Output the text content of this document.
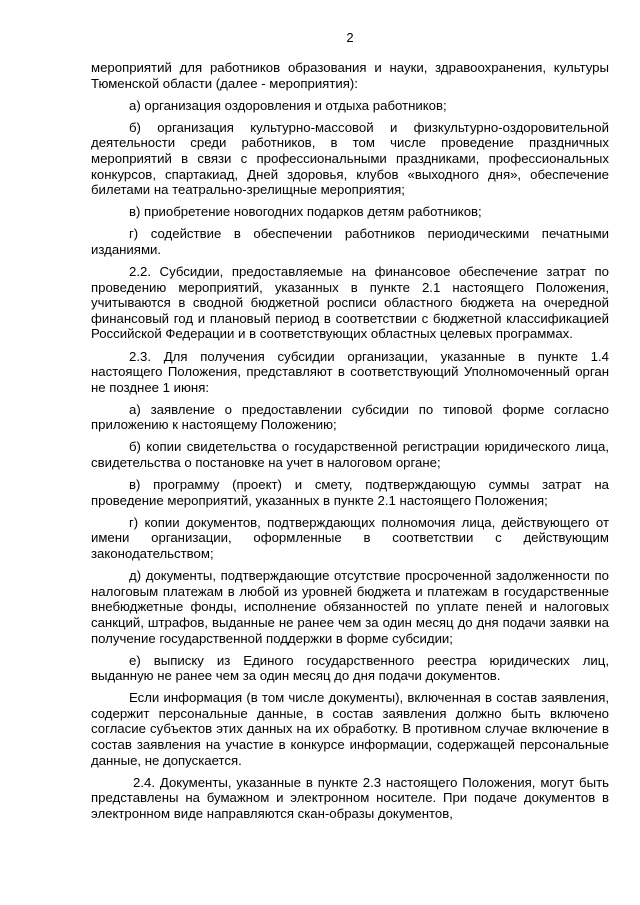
2

мероприятий для работников образования и науки, здравоохранения, культуры Тюменской области (далее - мероприятия):

а) организация оздоровления и отдыха работников;

б) организация культурно-массовой и физкультурно-оздоровительной деятельности среди работников, в том числе проведение праздничных мероприятий в связи с профессиональными праздниками, профессиональных конкурсов, спартакиад, Дней здоровья, клубов «выходного дня», обеспечение билетами на театрально-зрелищные мероприятия;

в) приобретение новогодних подарков детям работников;

г) содействие в обеспечении работников периодическими печатными изданиями.

2.2. Субсидии, предоставляемые на финансовое обеспечение затрат по проведению мероприятий, указанных в пункте 2.1 настоящего Положения, учитываются в сводной бюджетной росписи областного бюджета на очередной финансовый год и плановый период в соответствии с бюджетной классификацией Российской Федерации и в соответствующих областных целевых программах.

2.3. Для получения субсидии организации, указанные в пункте 1.4 настоящего Положения, представляют в соответствующий Уполномоченный орган не позднее 1 июня:

а) заявление о предоставлении субсидии по типовой форме согласно приложению к настоящему Положению;

б) копии свидетельства о государственной регистрации юридического лица, свидетельства о постановке на учет в налоговом органе;

в) программу (проект) и смету, подтверждающую суммы затрат на проведение мероприятий, указанных в пункте 2.1 настоящего Положения;

г) копии документов, подтверждающих полномочия лица, действующего от имени организации, оформленные в соответствии с действующим законодательством;

д) документы, подтверждающие отсутствие просроченной задолженности по налоговым платежам в любой из уровней бюджета и платежам в государственные внебюджетные фонды, исполнение обязанностей по уплате пеней и налоговых санкций, штрафов, выданные не ранее чем за один месяц до дня подачи заявки на получение государственной поддержки в форме субсидии;

е) выписку из Единого государственного реестра юридических лиц, выданную не ранее чем за один месяц до дня подачи документов.

Если информация (в том числе документы), включенная в состав заявления, содержит персональные данные, в состав заявления должно быть включено согласие субъектов этих данных на их обработку. В противном случае включение в состав заявления на участие в конкурсе информации, содержащей персональные данные, не допускается.

2.4. Документы, указанные в пункте 2.3 настоящего Положения, могут быть представлены на бумажном и электронном носителе. При подаче документов в электронном виде направляются скан-образы документов,
